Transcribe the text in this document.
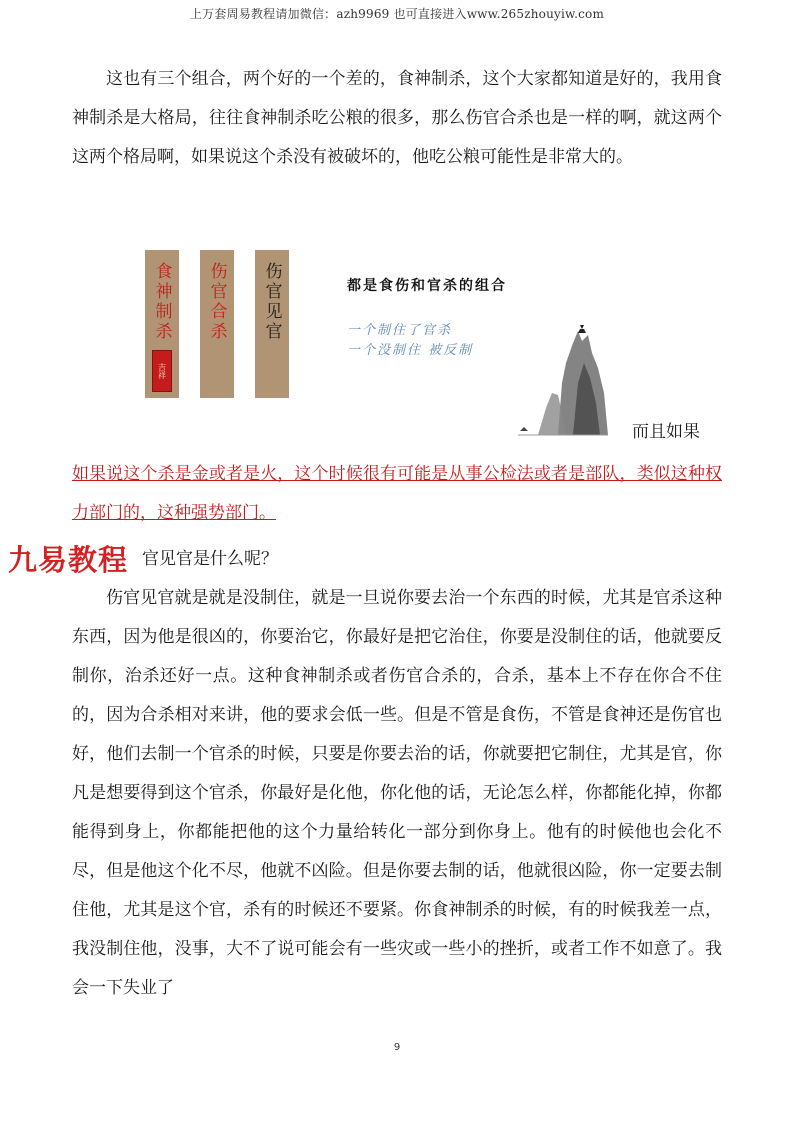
上万套周易教程请加微信：azh9969 也可直接进入www.265zhouyiw.com

这也有三个组合，两个好的一个差的，食神制杀，这个大家都知道是好的，我用食神制杀是大格局，往往食神制杀吃公粮的很多，那么伤官合杀也是一样的啊，就这两个这两个格局啊，如果说这个杀没有被破坏的，他吃公粮可能性是非常大的。

食神制杀
吉祥
伤官合杀 伤官见官	都是食伤和官杀的组合
一个制住了官杀
一个没制住 被反制
而且如果

如果说这个杀是金或者是火，这个时候很有可能是从事公检法或者是部队，类似这种权力部门的，这种强势部门。

九易教程 官见官是什么呢？

伤官见官就是就是没制住，就是一旦说你要去治一个东西的时候，尤其是官杀这种东西，因为他是很凶的，你要治它，你最好是把它治住，你要是没制住的话，他就要反制你，治杀还好一点。这种食神制杀或者伤官合杀的，合杀，基本上不存在你合不住的，因为合杀相对来讲，他的要求会低一些。但是不管是食伤，不管是食神还是伤官也好，他们去制一个官杀的时候，只要是你要去治的话，你就要把它制住，尤其是官，你凡是想要得到这个官杀，你最好是化他，你化他的话，无论怎么样，你都能化掉，你都能得到身上，你都能把他的这个力量给转化一部分到你身上。他有的时候他也会化不尽，但是他这个化不尽，他就不凶险。但是你要去制的话，他就很凶险，你一定要去制住他，尤其是这个官，杀有的时候还不要紧。你食神制杀的时候，有的时候我差一点，我没制住他，没事，大不了说可能会有一些灾或一些小的挫折，或者工作不如意了。我会一下失业了

9
